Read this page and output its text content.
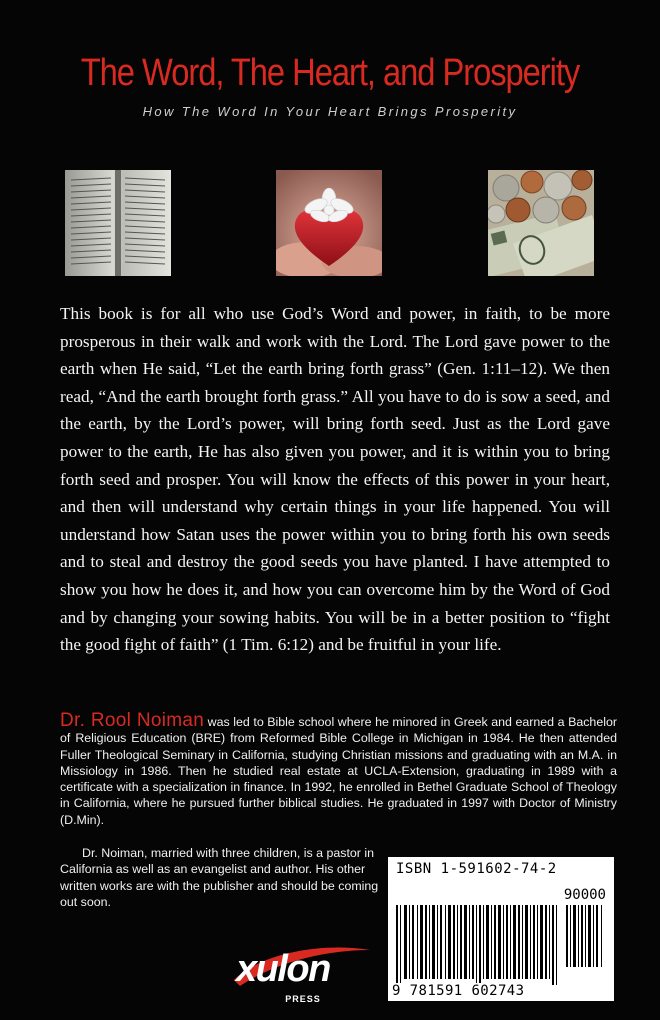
The Word, The Heart, and Prosperity
How The Word In Your Heart Brings Prosperity

This book is for all who use God’s Word and power, in faith, to be more prosperous in their walk and work with the Lord. The Lord gave power to the earth when He said, “Let the earth bring forth grass” (Gen. 1:11–12). We then read, “And the earth brought forth grass.” All you have to do is sow a seed, and the earth, by the Lord’s power, will bring forth seed. Just as the Lord gave power to the earth, He has also given you power, and it is within you to bring forth seed and prosper. You will know the effects of this power in your heart, and then will understand why certain things in your life happened. You will understand how Satan uses the power within you to bring forth his own seeds and to steal and destroy the good seeds you have planted. I have attempted to show you how he does it, and how you can overcome him by the Word of God and by changing your sowing habits. You will be in a better position to “fight the good fight of faith” (1 Tim. 6:12) and be fruitful in your life.

Dr. Rool Noiman was led to Bible school where he minored in Greek and earned a Bachelor of Religious Education (BRE) from Reformed Bible College in Michigan in 1984. He then attended Fuller Theological Seminary in California, studying Christian missions and graduating with an M.A. in Missiology in 1986. Then he studied real estate at UCLA-Extension, graduating in 1989 with a certificate with a specialization in finance. In 1992, he enrolled in Bethel Graduate School of Theology in California, where he pursued further biblical studies. He graduated in 1997 with Doctor of Ministry (D.Min).

Dr. Noiman, married with three children, is a pastor in California as well as an evangelist and author. His other written works are with the publisher and should be coming out soon.

ISBN 1-591602-74-2
90000
9 781591 602743
xulon
PRESS
